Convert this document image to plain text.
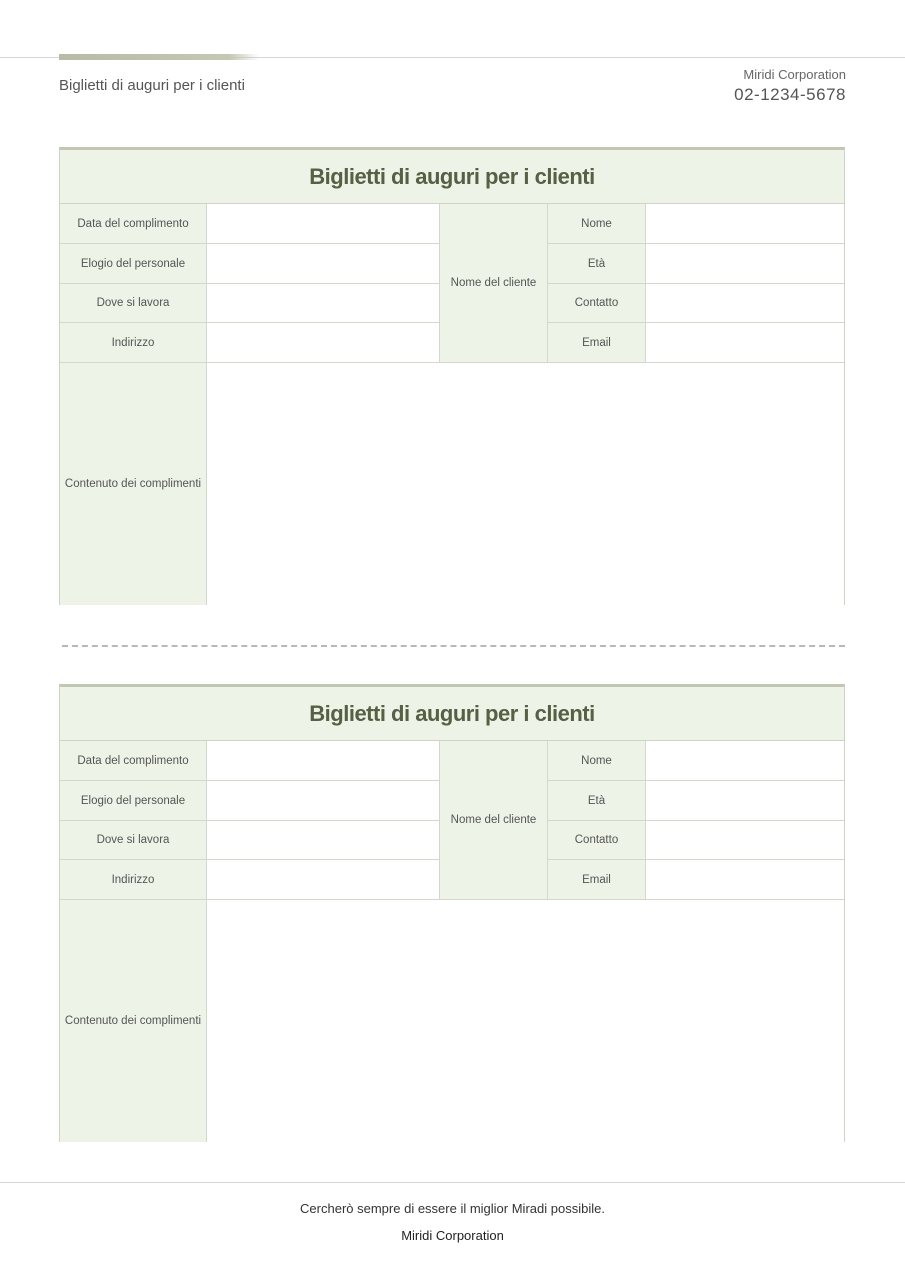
Biglietti di auguri per i clienti
Miridi Corporation
02-1234-5678
Biglietti di auguri per i clienti
Data del complimento
Elogio del personale
Dove si lavora
Indirizzo
Nome del cliente
Nome
Età
Contatto
Email
Contenuto dei complimenti
Biglietti di auguri per i clienti
Data del complimento
Elogio del personale
Dove si lavora
Indirizzo
Nome del cliente
Nome
Età
Contatto
Email
Contenuto dei complimenti
Cercherò sempre di essere il miglior Miradi possibile.
Miridi Corporation
